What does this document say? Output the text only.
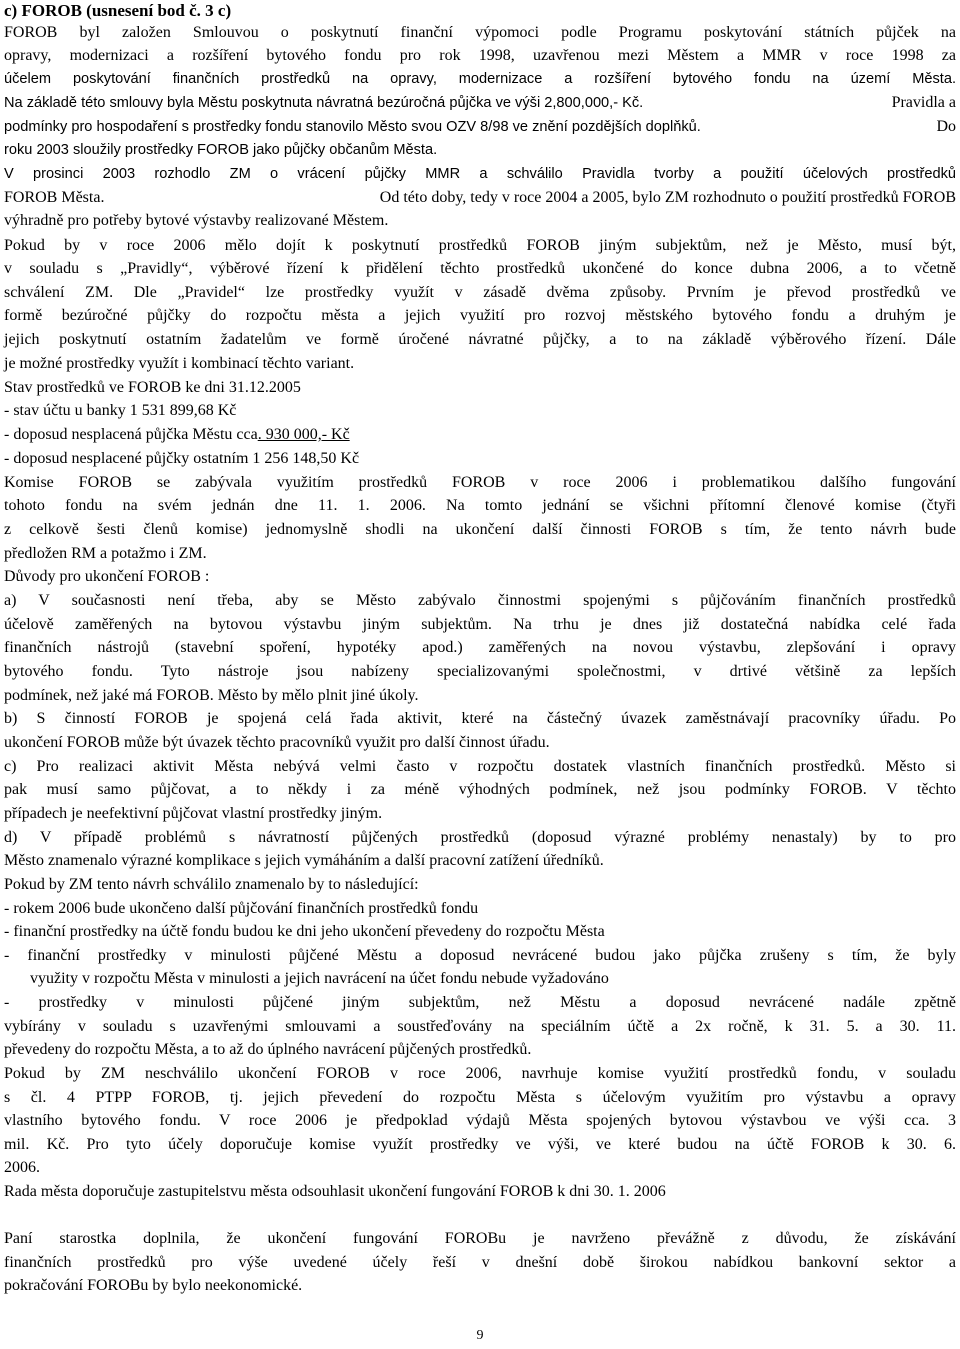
c) FOROB (usnesení bod č. 3 c)
FOROB byl založen Smlouvou o poskytnutí finanční výpomoci podle Programu poskytování státních půjček na
opravy, modernizaci a rozšíření bytového fondu pro rok 1998, uzavřenou mezi Městem a MMR v roce 1998 za
účelem poskytování finančních prostředků na opravy, modernizace a rozšíření bytového fondu na území Města.
Na základě této smlouvy byla Městu poskytnuta návratná bezúročná půjčka ve výši 2,800,000,- Kč.	Pravidla a
podmínky pro hospodaření s prostředky fondu stanovilo Město svou OZV 8/98 ve znění pozdějších doplňků.	Do
roku 2003 sloužily prostředky FOROB jako půjčky občanům Města.
V prosinci 2003 rozhodlo ZM o vrácení půjčky MMR a schválilo Pravidla tvorby a použití účelových prostředků
FOROB Města.	Od této doby, tedy v roce 2004 a 2005, bylo ZM rozhodnuto o použití prostředků FOROB
výhradně pro potřeby bytové výstavby realizované Městem.
Pokud by v roce 2006 mělo dojít k poskytnutí prostředků FOROB jiným subjektům, než je Město, musí být,
v souladu s „Pravidly“, výběrové řízení k přidělení těchto prostředků ukončené do konce dubna 2006, a to včetně
schválení ZM. Dle „Pravidel“ lze prostředky využít v zásadě dvěma způsoby. Prvním je převod prostředků ve
formě bezúročné půjčky do rozpočtu města a jejich využití pro rozvoj městského bytového fondu a druhým je
jejich poskytnutí ostatním žadatelům ve formě úročené návratné půjčky, a to na základě výběrového řízení. Dále
je možné prostředky využít i kombinací těchto variant.
Stav prostředků ve FOROB ke dni 31.12.2005
- stav účtu u banky 1 531 899,68 Kč
- doposud nesplacená půjčka Městu cca. 930 000,- Kč
- doposud nesplacené půjčky ostatním 1 256 148,50 Kč
Komise FOROB se zabývala využitím prostředků FOROB v roce 2006 i problematikou dalšího fungování
tohoto fondu na svém jednán dne 11. 1. 2006. Na tomto jednání se všichni přítomní členové komise (čtyři
z celkově šesti členů komise) jednomyslně shodli na ukončení další činnosti FOROB s tím, že tento návrh bude
předložen RM a potažmo i ZM.
Důvody pro ukončení FOROB :
a) V současnosti není třeba, aby se Město zabývalo činnostmi spojenými s půjčováním finančních prostředků
účelově zaměřených na bytovou výstavbu jiným subjektům. Na trhu je dnes již dostatečná nabídka celé řada
finančních nástrojů (stavební spoření, hypotéky apod.) zaměřených na novou výstavbu, zlepšování i opravy
bytového fondu. Tyto nástroje jsou nabízeny specializovanými společnostmi, v drtivé většině za lepších
podmínek, než jaké má FOROB. Město by mělo plnit jiné úkoly.
b) S činností FOROB je spojená celá řada aktivit, které na částečný úvazek zaměstnávají pracovníky úřadu. Po
ukončení FOROB může být úvazek těchto pracovníků využit pro další činnost úřadu.
c) Pro realizaci aktivit Města nebývá velmi často v rozpočtu dostatek vlastních finančních prostředků. Město si
pak musí samo půjčovat, a to někdy i za méně výhodných podmínek, než jsou podmínky FOROB. V těchto
případech je neefektivní půjčovat vlastní prostředky jiným.
d) V případě problémů s návratností půjčených prostředků (doposud výrazné problémy nenastaly) by to pro
Město znamenalo výrazné komplikace s jejich vymáháním a další pracovní zatížení úředníků.
Pokud by ZM tento návrh schválilo znamenalo by to následující:
- rokem 2006 bude ukončeno další půjčování finančních prostředků fondu
- finanční prostředky na účtě fondu budou ke dni jeho ukončení převedeny do rozpočtu Města
- finanční prostředky v minulosti půjčené Městu a doposud nevrácené budou jako půjčka zrušeny s tím, že byly
využity v rozpočtu Města v minulosti a jejich navrácení na účet fondu nebude vyžadováno
- prostředky v minulosti půjčené jiným subjektům, než Městu a doposud nevrácené nadále zpětně
vybírány v souladu s uzavřenými smlouvami a soustřeďovány na speciálním účtě a 2x ročně, k 31. 5. a 30. 11.
převedeny do rozpočtu Města, a to až do úplného navrácení půjčených prostředků.
Pokud by ZM neschválilo ukončení FOROB v roce 2006, navrhuje komise využití prostředků fondu, v souladu
s čl. 4 PTPP FOROB, tj. jejich převedení do rozpočtu Města s účelovým využitím pro výstavbu a opravy
vlastního bytového fondu. V roce 2006 je předpoklad výdajů Města spojených bytovou výstavbou ve výši cca. 3
mil. Kč. Pro tyto účely doporučuje komise využít prostředky ve výši, ve které budou na účtě FOROB k 30. 6.
2006.
Rada města doporučuje zastupitelstvu města odsouhlasit ukončení fungování FOROB k dni 30. 1. 2006
Paní starostka doplnila, že ukončení fungování FOROBu je navrženo převážně z důvodu, že získávání
finančních prostředků pro výše uvedené účely řeší v dnešní době širokou nabídkou bankovní sektor a
pokračování FOROBu by bylo neekonomické.
9
